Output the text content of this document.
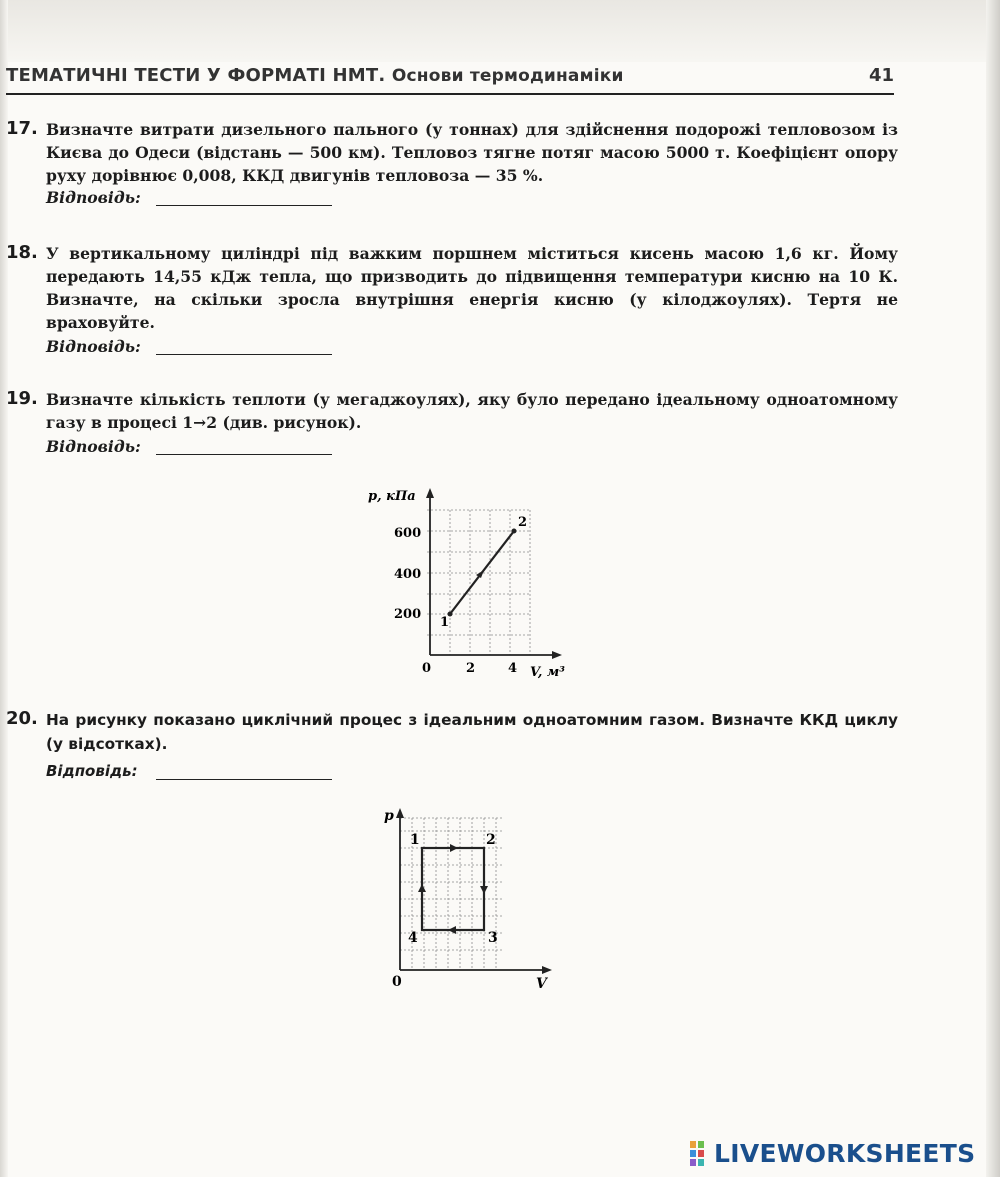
ТЕМАТИЧНІ ТЕСТИ У ФОРМАТІ НМТ. Основи термодинаміки	41
17. Визначте витрати дизельного пального (у тоннах) для здійснення подорожі тепловозом із Києва до Одеси (відстань — 500 км). Тепловоз тягне потяг масою 5000 т. Коефіцієнт опору руху дорівнює 0,008, ККД двигунів тепловоза — 35 %.
Відповідь:
18. У вертикальному циліндрі під важким поршнем міститься кисень масою 1,6 кг. Йому передають 14,55 кДж тепла, що призводить до підвищення температури кисню на 10 К. Визначте, на скільки зросла внутрішня енергія кисню (у кілоджоулях). Тертя не враховуйте.
Відповідь:
19. Визначте кількість теплоти (у мегаджоулях), яку було передано ідеальному одноатомному газу в процесі 1→2 (див. рисунок).
Відповідь:
p, кПа
600
400
200
0	2	4 V, м³
1
2
20. На рисунку показано циклічний процес з ідеальним одноатомним газом. Визначте ККД циклу (у відсотках).
Відповідь:
p
1	2
3
4
0	V
LIVEWORKSHEETS
